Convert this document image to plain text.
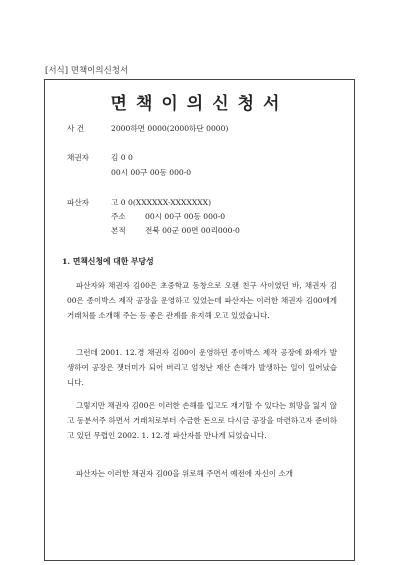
[서식] 면책이의신청서
면책이의신청서
사 건	2000하면 0000(2000하단 0000)
채권자	김 0 0
00시 00구 00동 000-0
파산자	고 0 0(XXXXXX-XXXXXXX)
주소	00시 00구 00동 000-0
본적	전북 00군 00면 00리000-0
1. 면책신청에 대한 부당성
파산자와 채권자 김00은 초중학교 동창으로 오랜 친구 사이였던 바, 채권자 김00은 종이박스 제작 공장을 운영하고 있었는데 파산자는 이러한 채권자 김00에게 거래처를 소개해 주는 등 좋은 관계를 유지해 오고 있었습니다.
그런데 2001. 12.경 채권자 김00이 운영하던 종이박스 제작 공장에 화재가 발생하여 공장은 잿더미가 되어 버리고 엄청난 재산 손해가 발생하는 일이 일어났습니다.
그렇지만 채권자 김00은 이러한 손해를 입고도 재기할 수 있다는 희망을 잃지 않고 동분서주 하면서 거래처로부터 수금한 돈으로 다시금 공장을 마련하고자 준비하고 있던 무렵인 2002. 1. 12.경 파산자를 만나게 되었습니다.
파산자는 이러한 채권자 김00을 위로해 주면서 예전에 자신이 소개
